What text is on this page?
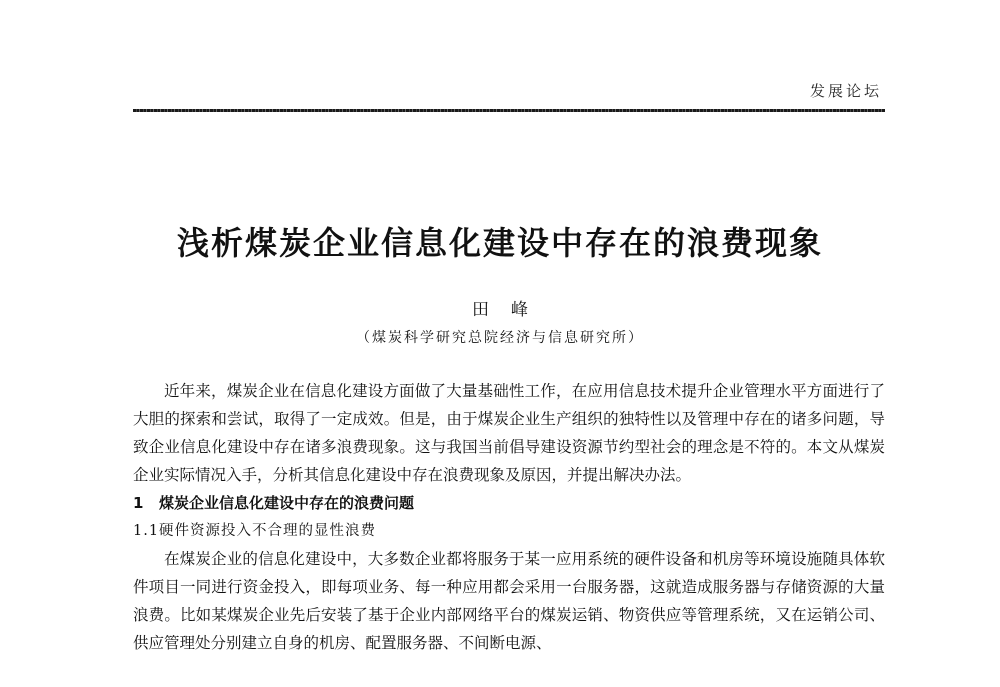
发展论坛
浅析煤炭企业信息化建设中存在的浪费现象
田峰
（煤炭科学研究总院经济与信息研究所）

近年来，煤炭企业在信息化建设方面做了大量基础性工作，在应用信息技术提升企业管理水平方面进行了大胆的探索和尝试，取得了一定成效。但是，由于煤炭企业生产组织的独特性以及管理中存在的诸多问题，导致企业信息化建设中存在诸多浪费现象。这与我国当前倡导建设资源节约型社会的理念是不符的。本文从煤炭企业实际情况入手，分析其信息化建设中存在浪费现象及原因，并提出解决办法。

1 煤炭企业信息化建设中存在的浪费问题

1.1硬件资源投入不合理的显性浪费

在煤炭企业的信息化建设中，大多数企业都将服务于某一应用系统的硬件设备和机房等环境设施随具体软件项目一同进行资金投入，即每项业务、每一种应用都会采用一台服务器，这就造成服务器与存储资源的大量浪费。比如某煤炭企业先后安装了基于企业内部网络平台的煤炭运销、物资供应等管理系统，又在运销公司、供应管理处分别建立自身的机房、配置服务器、不间断电源、
